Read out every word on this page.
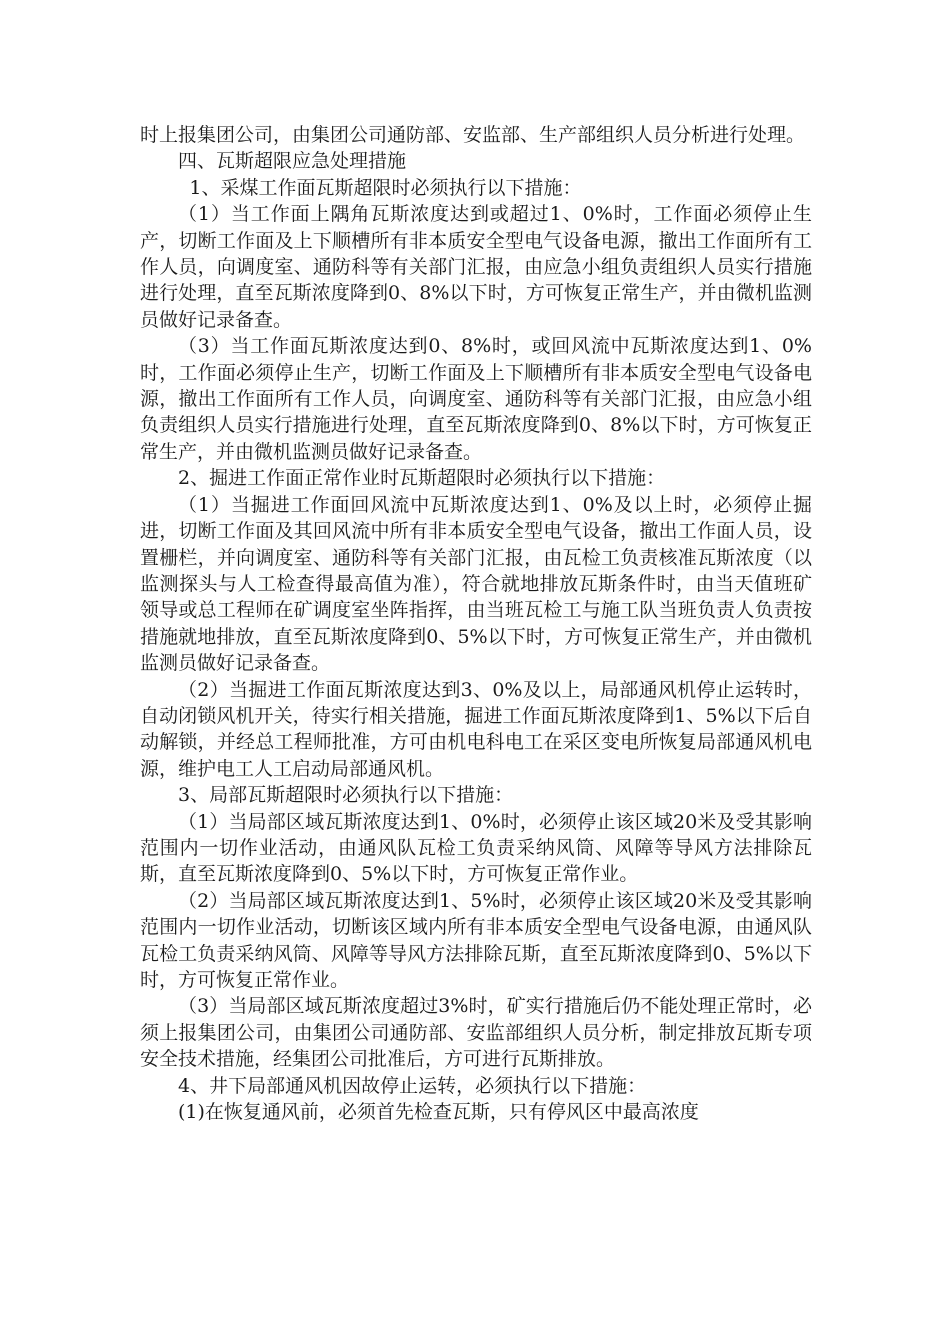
时上报集团公司，由集团公司通防部、安监部、生产部组织人员分析进行处理。

四、瓦斯超限应急处理措施

1、采煤工作面瓦斯超限时必须执行以下措施：

（1）当工作面上隅角瓦斯浓度达到或超过1、0%时，工作面必须停止生产，切断工作面及上下顺槽所有非本质安全型电气设备电源，撤出工作面所有工作人员，向调度室、通防科等有关部门汇报，由应急小组负责组织人员实行措施进行处理，直至瓦斯浓度降到0、8%以下时，方可恢复正常生产，并由微机监测员做好记录备查。

（3）当工作面瓦斯浓度达到0、8%时，或回风流中瓦斯浓度达到1、0%时，工作面必须停止生产，切断工作面及上下顺槽所有非本质安全型电气设备电源，撤出工作面所有工作人员，向调度室、通防科等有关部门汇报，由应急小组负责组织人员实行措施进行处理，直至瓦斯浓度降到0、8%以下时，方可恢复正常生产，并由微机监测员做好记录备查。

2、掘进工作面正常作业时瓦斯超限时必须执行以下措施：

（1）当掘进工作面回风流中瓦斯浓度达到1、0%及以上时，必须停止掘进，切断工作面及其回风流中所有非本质安全型电气设备，撤出工作面人员，设置栅栏，并向调度室、通防科等有关部门汇报，由瓦检工负责核准瓦斯浓度（以监测探头与人工检查得最高值为准），符合就地排放瓦斯条件时，由当天值班矿领导或总工程师在矿调度室坐阵指挥，由当班瓦检工与施工队当班负责人负责按措施就地排放，直至瓦斯浓度降到0、5%以下时，方可恢复正常生产，并由微机监测员做好记录备查。

（2）当掘进工作面瓦斯浓度达到3、0%及以上，局部通风机停止运转时，自动闭锁风机开关，待实行相关措施，掘进工作面瓦斯浓度降到1、5%以下后自动解锁，并经总工程师批准，方可由机电科电工在采区变电所恢复局部通风机电源，维护电工人工启动局部通风机。

3、局部瓦斯超限时必须执行以下措施：

（1）当局部区域瓦斯浓度达到1、0%时，必须停止该区域20米及受其影响范围内一切作业活动，由通风队瓦检工负责采纳风筒、风障等导风方法排除瓦斯，直至瓦斯浓度降到0、5%以下时，方可恢复正常作业。

（2）当局部区域瓦斯浓度达到1、5%时，必须停止该区域20米及受其影响范围内一切作业活动，切断该区域内所有非本质安全型电气设备电源，由通风队瓦检工负责采纳风筒、风障等导风方法排除瓦斯，直至瓦斯浓度降到0、5%以下时，方可恢复正常作业。

（3）当局部区域瓦斯浓度超过3%时，矿实行措施后仍不能处理正常时，必须上报集团公司，由集团公司通防部、安监部组织人员分析，制定排放瓦斯专项安全技术措施，经集团公司批准后，方可进行瓦斯排放。

4、井下局部通风机因故停止运转，必须执行以下措施：

(1)在恢复通风前，必须首先检查瓦斯，只有停风区中最高浓度
